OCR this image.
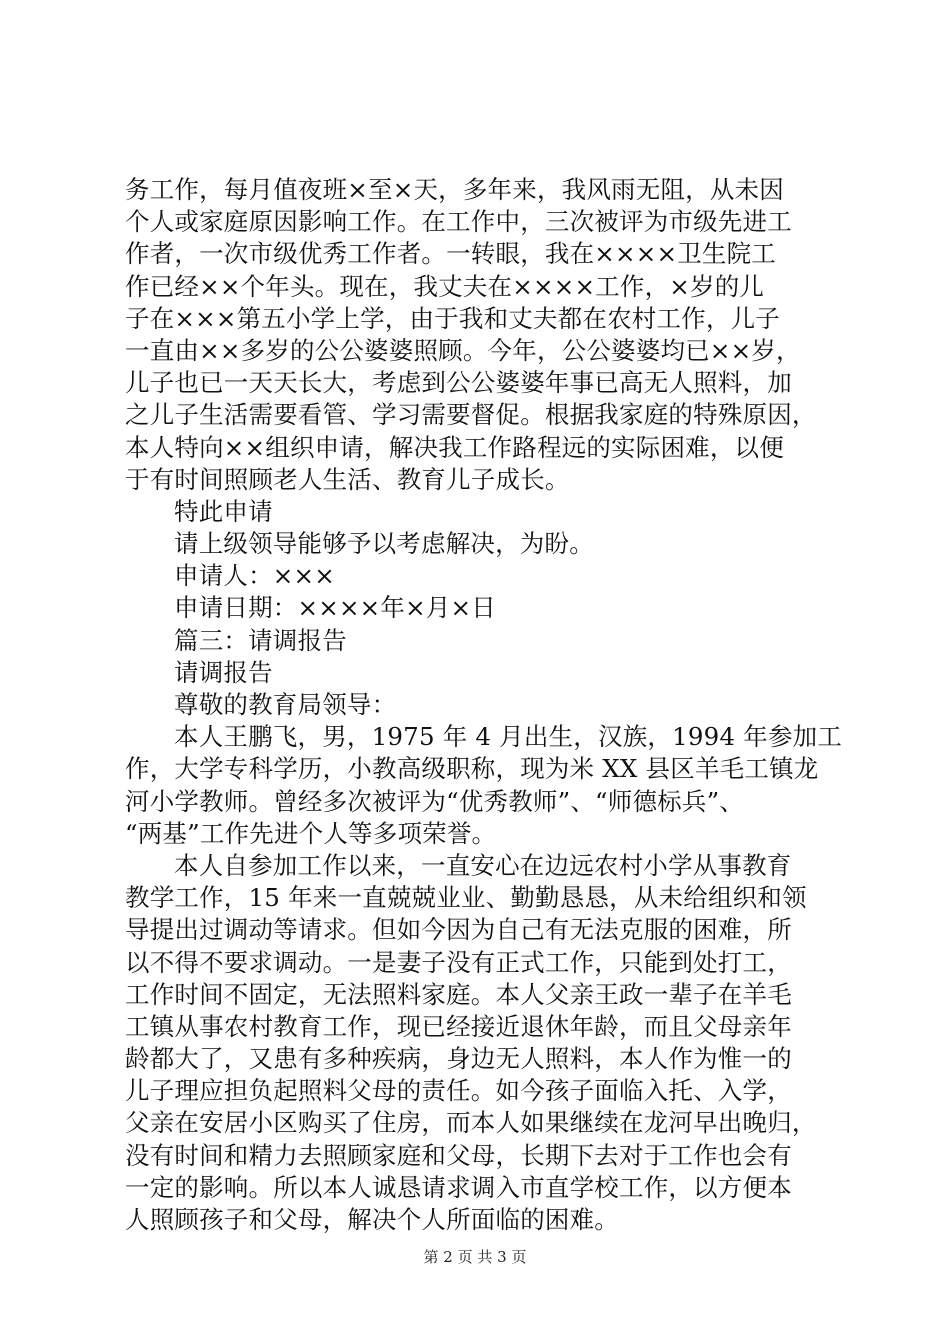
务工作，每月值夜班×至×天，多年来，我风雨无阻，从未因
个人或家庭原因影响工作。在工作中，三次被评为市级先进工
作者，一次市级优秀工作者。一转眼，我在××××卫生院工
作已经××个年头。现在，我丈夫在××××工作，×岁的儿
子在×××第五小学上学，由于我和丈夫都在农村工作，儿子
一直由××多岁的公公婆婆照顾。今年，公公婆婆均已××岁，
儿子也已一天天长大，考虑到公公婆婆年事已高无人照料，加
之儿子生活需要看管、学习需要督促。根据我家庭的特殊原因，
本人特向××组织申请，解决我工作路程远的实际困难，以便
于有时间照顾老人生活、教育儿子成长。
特此申请
请上级领导能够予以考虑解决，为盼。
申请人：×××
申请日期：××××年×月×日
篇三：请调报告
请调报告
尊敬的教育局领导：
本人王鹏飞，男，1975 年 4 月出生，汉族，1994 年参加工
作，大学专科学历，小教高级职称，现为米 XX 县区羊毛工镇龙
河小学教师。曾经多次被评为“优秀教师”、“师德标兵”、
“两基”工作先进个人等多项荣誉。
本人自参加工作以来，一直安心在边远农村小学从事教育
教学工作，15 年来一直兢兢业业、勤勤恳恳，从未给组织和领
导提出过调动等请求。但如今因为自己有无法克服的困难，所
以不得不要求调动。一是妻子没有正式工作，只能到处打工，
工作时间不固定，无法照料家庭。本人父亲王政一辈子在羊毛
工镇从事农村教育工作，现已经接近退休年龄，而且父母亲年
龄都大了，又患有多种疾病，身边无人照料，本人作为惟一的
儿子理应担负起照料父母的责任。如今孩子面临入托、入学，
父亲在安居小区购买了住房，而本人如果继续在龙河早出晚归，
没有时间和精力去照顾家庭和父母，长期下去对于工作也会有
一定的影响。所以本人诚恳请求调入市直学校工作，以方便本
人照顾孩子和父母，解决个人所面临的困难。
第 2 页 共 3 页
